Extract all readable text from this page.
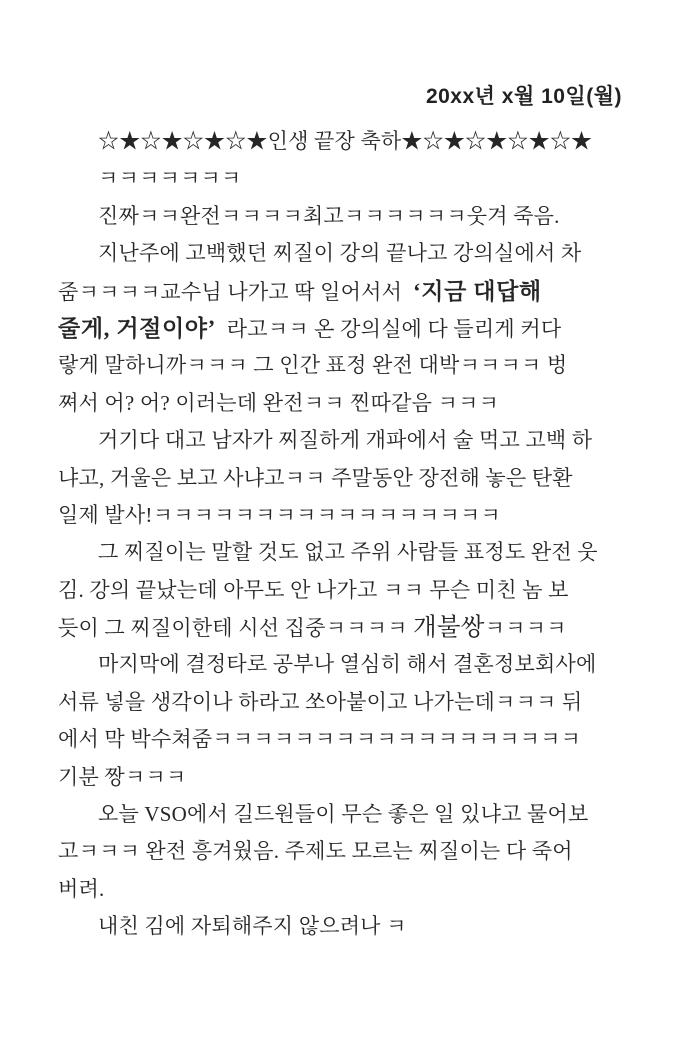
20xx년 x월 10일(월)
☆★☆★☆★☆★인생 끝장 축하★☆★☆★☆★☆★
ㅋㅋㅋㅋㅋㅋㅋ
진짜ㅋㅋ완전ㅋㅋㅋㅋ최고ㅋㅋㅋㅋㅋㅋ웃겨 죽음.
지난주에 고백했던 찌질이 강의 끝나고 강의실에서 차
줌ㅋㅋㅋㅋ교수님 나가고 딱 일어서서  ‘지금 대답해
줄게, 거절이야’  라고ㅋㅋ 온 강의실에 다 들리게 커다
랗게 말하니까ㅋㅋㅋ 그 인간 표정 완전 대박ㅋㅋㅋㅋ 벙
쪄서 어? 어? 이러는데 완전ㅋㅋ 찐따같음 ㅋㅋㅋ
거기다 대고 남자가 찌질하게 개파에서 술 먹고 고백 하
냐고, 거울은 보고 사냐고ㅋㅋ 주말동안 장전해 놓은 탄환
일제 발사!ㅋㅋㅋㅋㅋㅋㅋㅋㅋㅋㅋㅋㅋㅋㅋㅋㅋ
그 찌질이는 말할 것도 없고 주위 사람들 표정도 완전 웃
김. 강의 끝났는데 아무도 안 나가고 ㅋㅋ 무슨 미친 놈 보
듯이 그 찌질이한테 시선 집중ㅋㅋㅋㅋ 개불쌍ㅋㅋㅋㅋ
마지막에 결정타로 공부나 열심히 해서 결혼정보회사에
서류 넣을 생각이나 하라고 쏘아붙이고 나가는데ㅋㅋㅋ 뒤
에서 막 박수쳐줌ㅋㅋㅋㅋㅋㅋㅋㅋㅋㅋㅋㅋㅋㅋㅋㅋㅋㅋ
기분 짱ㅋㅋㅋ
오늘 VSO에서 길드원들이 무슨 좋은 일 있냐고 물어보
고ㅋㅋㅋ 완전 흥겨웠음. 주제도 모르는 찌질이는 다 죽어
버려.
내친 김에 자퇴해주지 않으려나 ㅋ
